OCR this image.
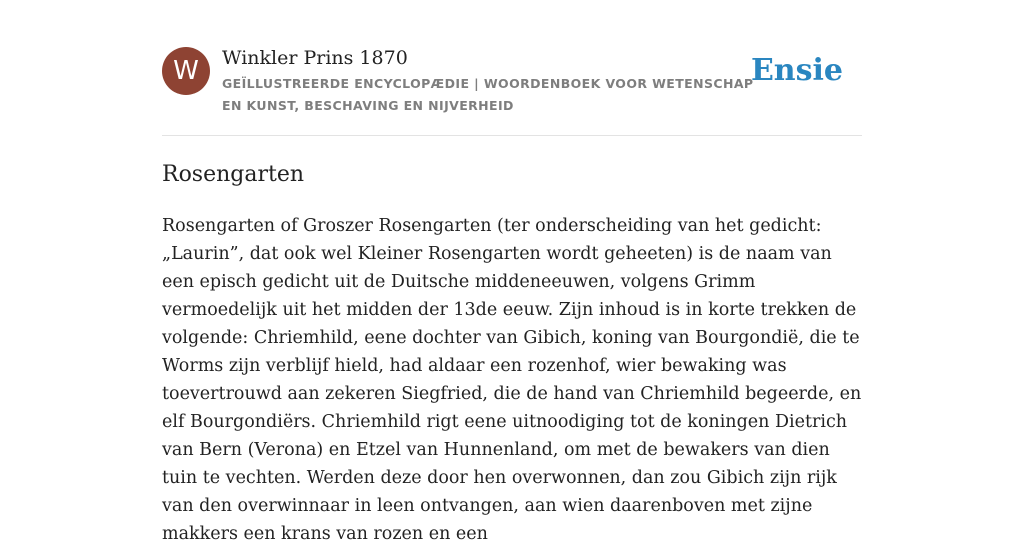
W	Winkler Prins 1870

GEÏLLUSTREERDE ENCYCLOPÆDIE | WOORDENBOEK VOOR WETENSCHAP EN KUNST, BESCHAVING EN NIJVERHEID

Ensie
Rosengarten

Rosengarten of Groszer Rosengarten (ter onderscheiding van het gedicht: „Laurin”, dat ook wel Kleiner Rosengarten wordt geheeten) is de naam van een episch gedicht uit de Duitsche middeneeuwen, volgens Grimm vermoedelijk uit het midden der 13de eeuw. Zijn inhoud is in korte trekken de volgende: Chriemhild, eene dochter van Gibich, koning van Bourgondië, die te Worms zijn verblijf hield, had aldaar een rozenhof, wier bewaking was toevertrouwd aan zekeren Siegfried, die de hand van Chriemhild begeerde, en elf Bourgondiërs. Chriemhild rigt eene uitnoodiging tot de koningen Dietrich van Bern (Verona) en Etzel van Hunnenland, om met de bewakers van dien tuin te vechten. Werden deze door hen overwonnen, dan zou Gibich zijn rijk van den overwinnaar in leen ontvangen, aan wien daarenboven met zijne makkers een krans van rozen en een
